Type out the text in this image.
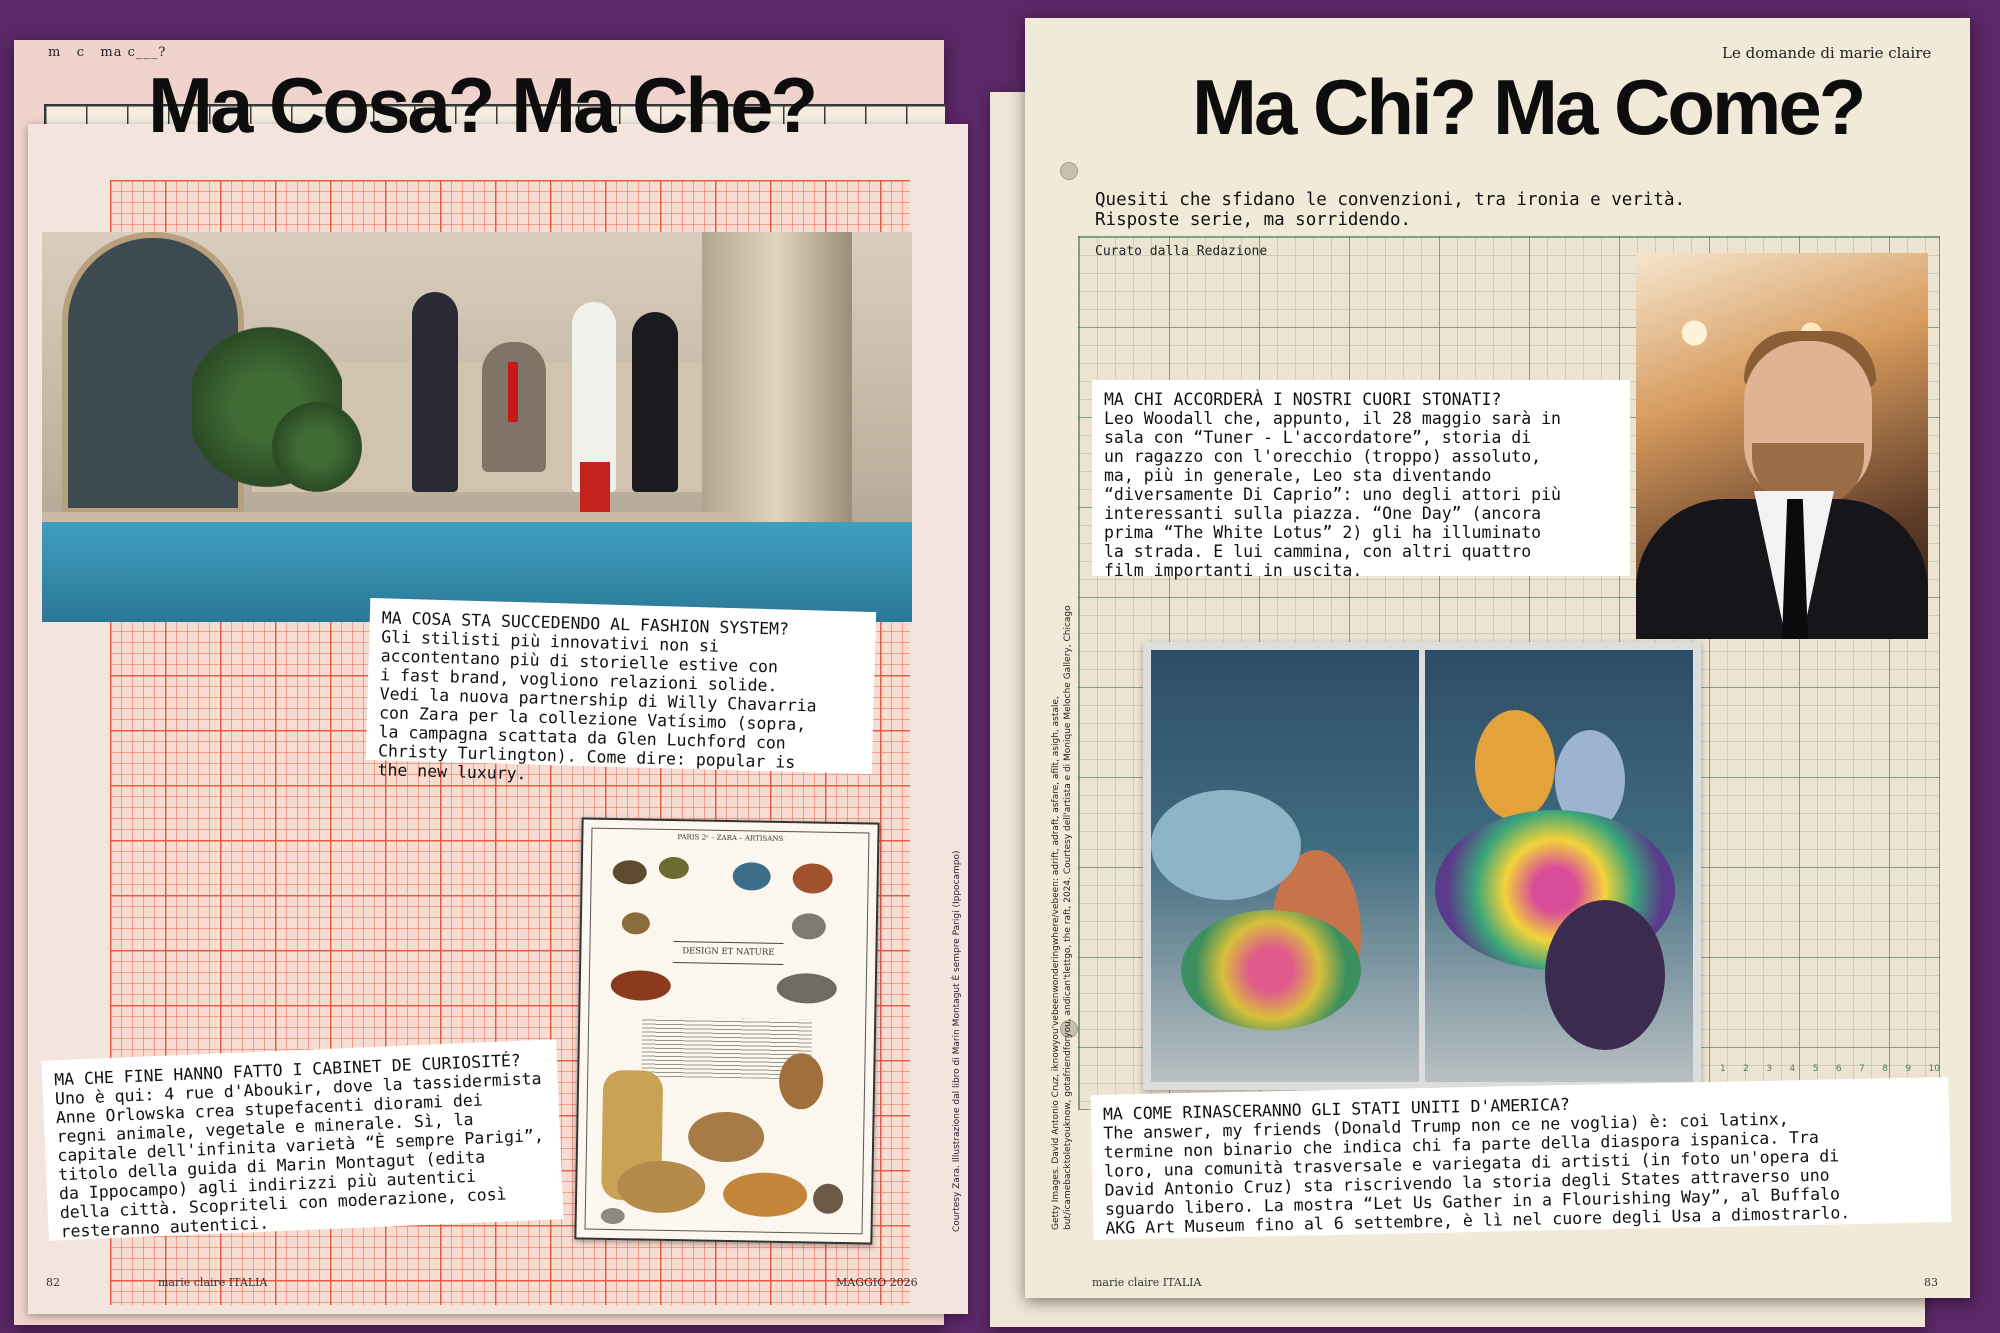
m   c   ma c___?
Ma Cosa? Ma Che?
MA COSA STA SUCCEDENDO AL FASHION SYSTEM?
Gli stilisti più innovativi non si
accontentano più di storielle estive con
i fast brand, vogliono relazioni solide.
Vedi la nuova partnership di Willy Chavarria
con Zara per la collezione Vatísimo (sopra,
la campagna scattata da Glen Luchford con
Christy Turlington). Come dire: popular is
the new luxury.
PARIS 2ᵉ – ZARA – ARTISANS
DESIGN ET NATURE
MA CHE FINE HANNO FATTO I CABINET DE CURIOSITÉ?
Uno è qui: 4 rue d'Aboukir, dove la tassidermista
Anne Orlowska crea stupefacenti diorami dei
regni animale, vegetale e minerale. Sì, la
capitale dell'infinita varietà “È sempre Parigi”,
titolo della guida di Marin Montagut (edita
da Ippocampo) agli indirizzi più autentici
della città. Scopriteli con moderazione, così
resteranno autentici.	Courtesy Zara. Illustrazione dal libro di Marin Montagut È sempre Parigi (Ippocampo)
82	marie claire ITALIA	MAGGIO 2026
1 2 3 4 5 6 7 8 9 10
Le domande di marie claire
Ma Chi? Ma Come?
Quesiti che sfidano le convenzioni, tra ironia e verità.
Risposte serie, ma sorridendo.
Curato dalla Redazione
MA CHI ACCORDERÀ I NOSTRI CUORI STONATI?
Leo Woodall che, appunto, il 28 maggio sarà in
sala con “Tuner - L'accordatore”, storia di
un ragazzo con l'orecchio (troppo) assoluto,
ma, più in generale, Leo sta diventando
“diversamente Di Caprio”: uno degli attori più
interessanti sulla piazza. “One Day” (ancora
prima “The White Lotus” 2) gli ha illuminato
la strada. E lui cammina, con altri quattro
film importanti in uscita.
MA COME RINASCERANNO GLI STATI UNITI D'AMERICA?
The answer, my friends (Donald Trump non ce ne voglia) è: coi latinx,
termine non binario che indica chi fa parte della diaspora ispanica. Tra
loro, una comunità trasversale e variegata di artisti (in foto un'opera di
David Antonio Cruz) sta riscrivendo la storia degli States attraverso uno
sguardo libero. La mostra “Let Us Gather in a Flourishing Way”, al Buffalo
AKG Art Museum fino al 6 settembre, è lì nel cuore degli Usa a dimostrarlo.
Getty Images. David Antonio Cruz, iknowyou'vebeenwonderingwhere/vebeen: adrift, adraft, asfare, afilt, asigh, astale, but/icamebacktoletyouknow, gotafriendforyou, andican'tlettgo, the raft, 2024. Courtesy dell'artista e di Monique Meloche Gallery, Chicago
marie claire ITALIA	83
